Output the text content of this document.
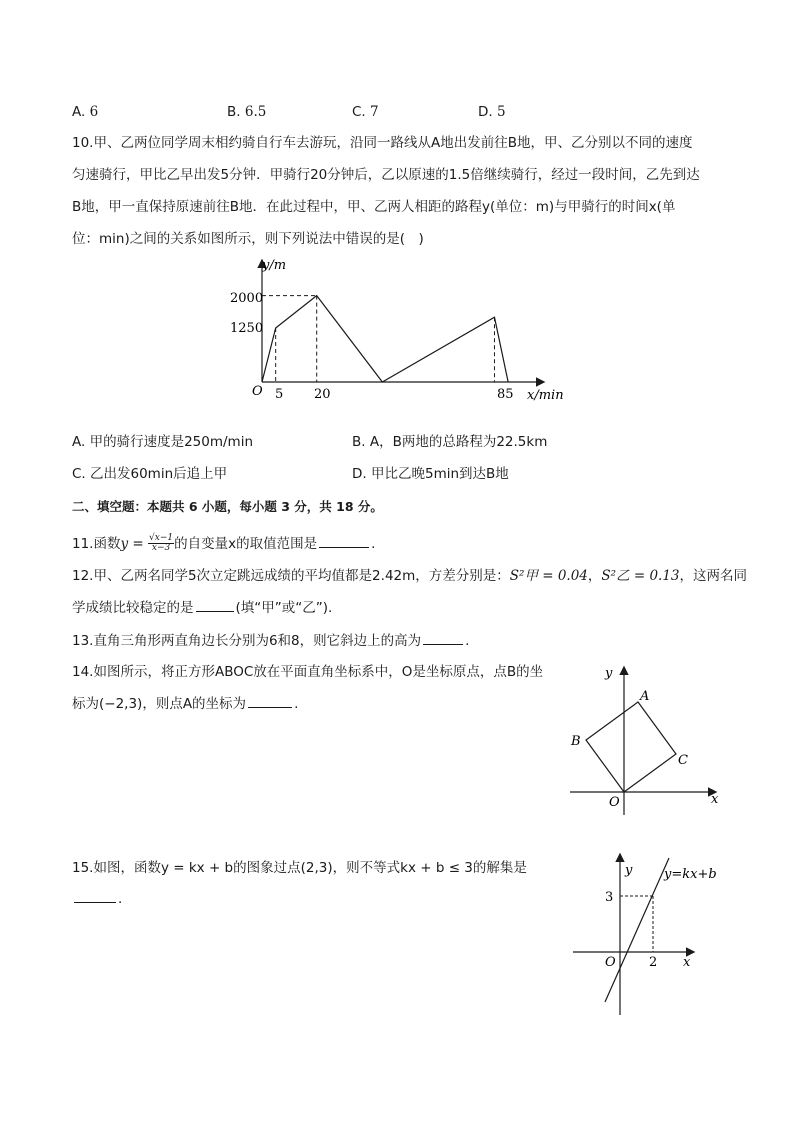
A. 6	B. 6.5	C. 7	D. 5
10.甲、乙两位同学周末相约骑自行车去游玩，沿同一路线从A地出发前往B地，甲、乙分别以不同的速度
匀速骑行，甲比乙早出发5分钟．甲骑行20分钟后，乙以原速的1.5倍继续骑行，经过一段时间，乙先到达
B地，甲一直保持原速前往B地．在此过程中，甲、乙两人相距的路程y(单位：m)与甲骑行的时间x(单
位：min)之间的关系如图所示，则下列说法中错误的是(　)
y/m
x/min
O
2000
1250
5 20	85
A. 甲的骑行速度是250m/min	B. A，B两地的总路程为22.5km
C. 乙出发60min后追上甲	D. 甲比乙晚5min到达B地
二、填空题：本题共 6 小题，每小题 3 分，共 18 分。
11.函数$y = \frac{√x-1}{x-3}$ 的自变量x的取值范围是	.
12.甲、乙两名同学5次立定跳远成绩的平均值都是2.42m，方差分别是：S²甲 = 0.04，S²乙 = 0.13，这两名同
学成绩比较稳定的是	(填“甲”或“乙”).
13.直角三角形两直角边长分别为6和8，则它斜边上的高为	.
14.如图所示，将正方形ABOC放在平面直角坐标系中，O是坐标原点，点B的坐
标为(−2,3)，则点A的坐标为	.
y
x
O
A
B
C
15.如图，函数y = kx + b的图象过点(2,3)，则不等式kx + b ≤ 3的解集是
.
y
x
O
3
2
y=kx+b
